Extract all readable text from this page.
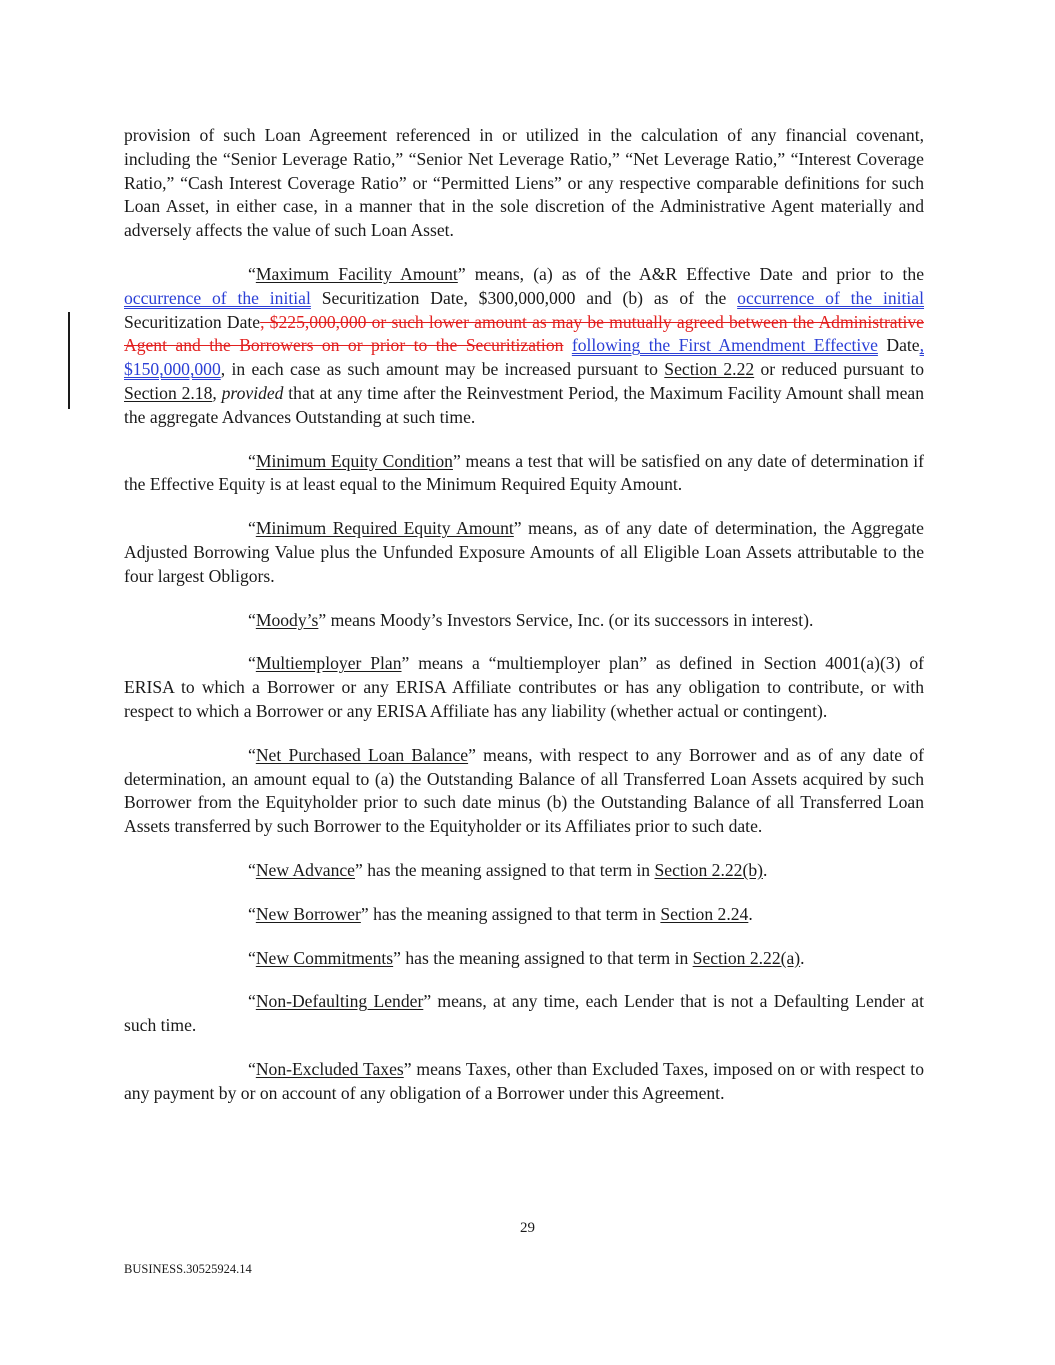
provision of such Loan Agreement referenced in or utilized in the calculation of any financial covenant, including the “Senior Leverage Ratio,” “Senior Net Leverage Ratio,” “Net Leverage Ratio,” “Interest Coverage Ratio,” “Cash Interest Coverage Ratio” or “Permitted Liens” or any respective comparable definitions for such Loan Asset, in either case, in a manner that in the sole discretion of the Administrative Agent materially and adversely affects the value of such Loan Asset.

“Maximum Facility Amount” means, (a) as of the A&R Effective Date and prior to the occurrence of the initial Securitization Date, $300,000,000 and (b) as of the occurrence of the initial Securitization Date, $225,000,000 or such lower amount as may be mutually agreed between the Administrative Agent and the Borrowers on or prior to the Securitization following the First Amendment Effective Date, $150,000,000, in each case as such amount may be increased pursuant to Section 2.22 or reduced pursuant to Section 2.18, provided that at any time after the Reinvestment Period, the Maximum Facility Amount shall mean the aggregate Advances Outstanding at such time.

“Minimum Equity Condition” means a test that will be satisfied on any date of determination if the Effective Equity is at least equal to the Minimum Required Equity Amount.

“Minimum Required Equity Amount” means, as of any date of determination, the Aggregate Adjusted Borrowing Value plus the Unfunded Exposure Amounts of all Eligible Loan Assets attributable to the four largest Obligors.

“Moody’s” means Moody’s Investors Service, Inc. (or its successors in interest).

“Multiemployer Plan” means a “multiemployer plan” as defined in Section 4001(a)(3) of ERISA to which a Borrower or any ERISA Affiliate contributes or has any obligation to contribute, or with respect to which a Borrower or any ERISA Affiliate has any liability (whether actual or contingent).

“Net Purchased Loan Balance” means, with respect to any Borrower and as of any date of determination, an amount equal to (a) the Outstanding Balance of all Transferred Loan Assets acquired by such Borrower from the Equityholder prior to such date minus (b) the Outstanding Balance of all Transferred Loan Assets transferred by such Borrower to the Equityholder or its Affiliates prior to such date.

“New Advance” has the meaning assigned to that term in Section 2.22(b).

“New Borrower” has the meaning assigned to that term in Section 2.24.

“New Commitments” has the meaning assigned to that term in Section 2.22(a).

“Non-Defaulting Lender” means, at any time, each Lender that is not a Defaulting Lender at such time.

“Non-Excluded Taxes” means Taxes, other than Excluded Taxes, imposed on or with respect to any payment by or on account of any obligation of a Borrower under this Agreement.

29
BUSINESS.30525924.14
